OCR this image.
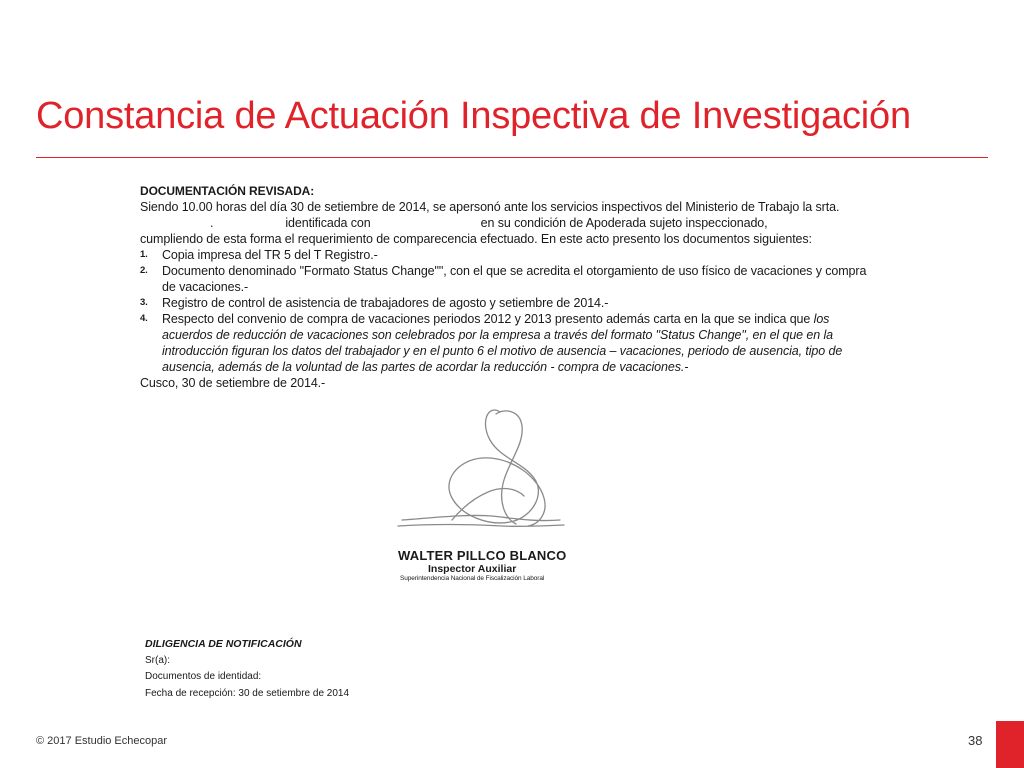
Constancia de Actuación Inspectiva de Investigación

DOCUMENTACIÓN REVISADA:

Siendo 10.00 horas del día 30 de setiembre de 2014, se apersonó ante los servicios inspectivos del Ministerio de Trabajo la srta.

.	identificada con	en su condición de Apoderada sujeto inspeccionado,

cumpliendo de esta forma el requerimiento de comparecencia efectuado. En este acto presento los documentos siguientes:

1. Copia impresa del TR 5 del T Registro.-
2. Documento denominado "Formato Status Change"", con el que se acredita el otorgamiento de uso físico de vacaciones y compra de vacaciones.-
3. Registro de control de asistencia de trabajadores de agosto y setiembre de 2014.-
4. Respecto del convenio de compra de vacaciones periodos 2012 y 2013 presento además carta en la que se indica que los acuerdos de reducción de vacaciones son celebrados por la empresa a través del formato "Status Change", en el que en la introducción figuran los datos del trabajador y en el punto 6 el motivo de ausencia – vacaciones, periodo de ausencia, tipo de ausencia, además de la voluntad de las partes de acordar la reducción - compra de vacaciones.-

Cusco, 30 de setiembre de 2014.-

WALTER PILLCO BLANCO
Inspector Auxiliar
Superintendencia Nacional de Fiscalización Laboral

DILIGENCIA DE NOTIFICACIÓN

Sr(a):

Documentos de identidad:

Fecha de recepción: 30 de setiembre de 2014

© 2017 Estudio Echecopar	38
